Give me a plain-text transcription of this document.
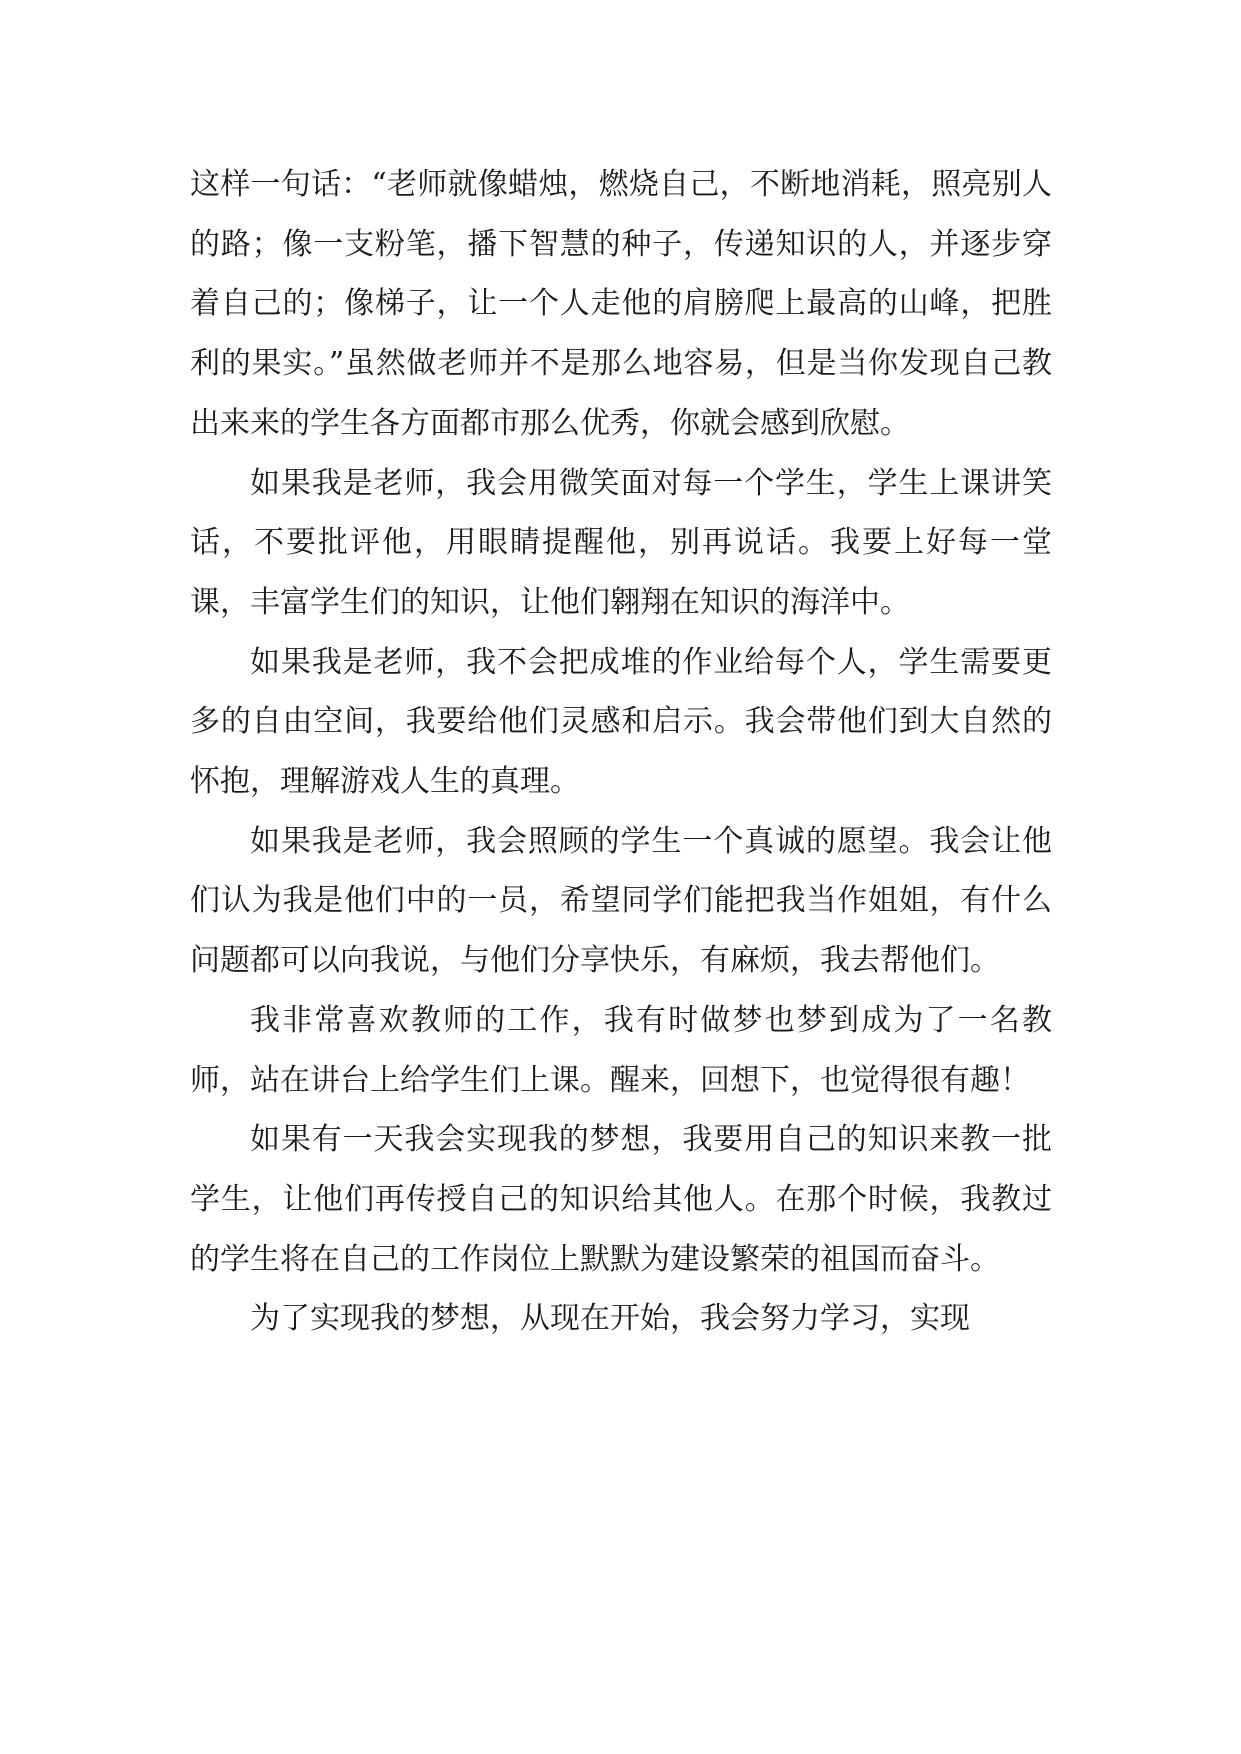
这样一句话：“老师就像蜡烛，燃烧自己，不断地消耗，照亮别人的路；像一支粉笔，播下智慧的种子，传递知识的人，并逐步穿着自己的；像梯子，让一个人走他的肩膀爬上最高的山峰，把胜利的果实。”虽然做老师并不是那么地容易，但是当你发现自己教出来来的学生各方面都市那么优秀，你就会感到欣慰。

如果我是老师，我会用微笑面对每一个学生，学生上课讲笑话，不要批评他，用眼睛提醒他，别再说话。我要上好每一堂课，丰富学生们的知识，让他们翱翔在知识的海洋中。

如果我是老师，我不会把成堆的作业给每个人，学生需要更多的自由空间，我要给他们灵感和启示。我会带他们到大自然的怀抱，理解游戏人生的真理。

如果我是老师，我会照顾的学生一个真诚的愿望。我会让他们认为我是他们中的一员，希望同学们能把我当作姐姐，有什么问题都可以向我说，与他们分享快乐，有麻烦，我去帮他们。

我非常喜欢教师的工作，我有时做梦也梦到成为了一名教师，站在讲台上给学生们上课。醒来，回想下，也觉得很有趣！

如果有一天我会实现我的梦想，我要用自己的知识来教一批学生，让他们再传授自己的知识给其他人。在那个时候，我教过的学生将在自己的工作岗位上默默为建设繁荣的祖国而奋斗。

为了实现我的梦想，从现在开始，我会努力学习，实现
